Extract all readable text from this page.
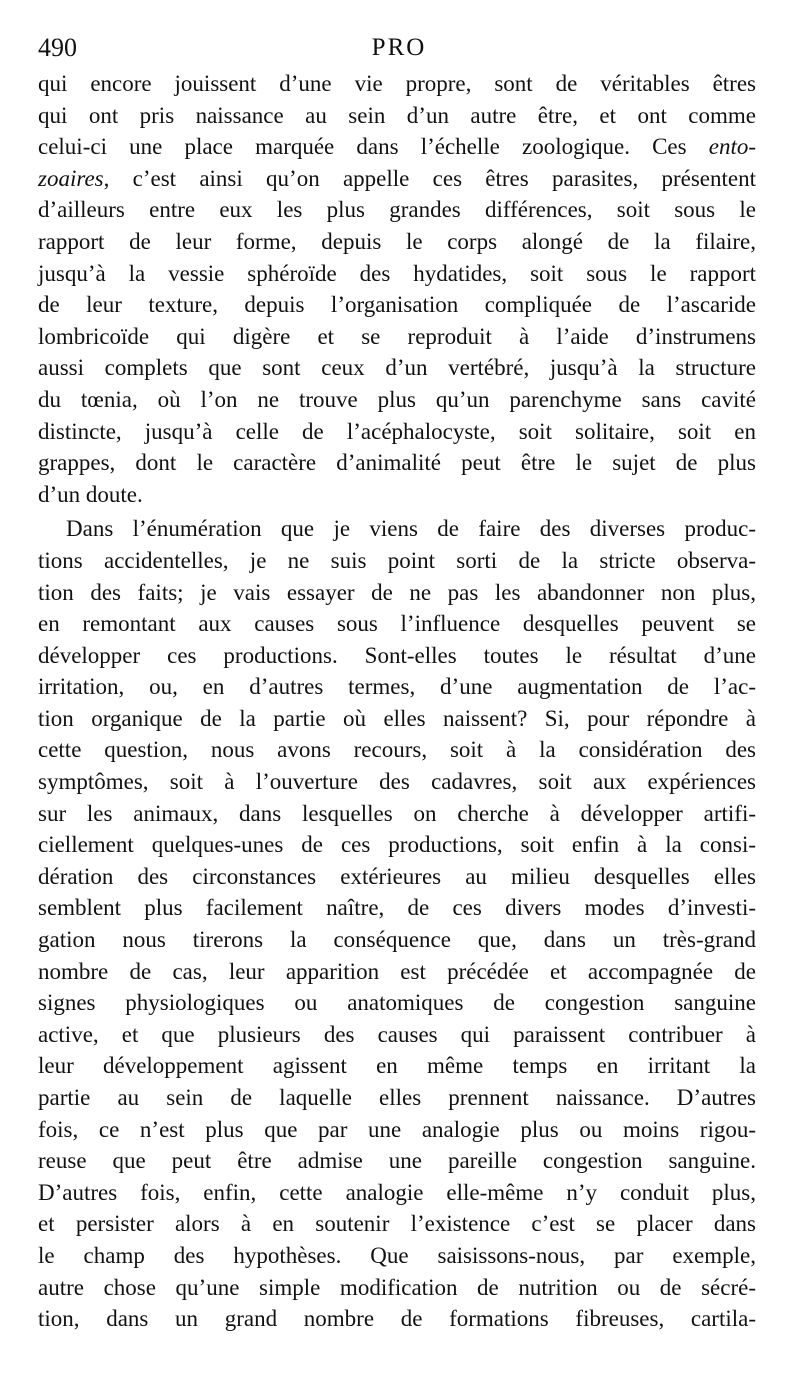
490	PRO
qui encore jouissent d’une vie propre, sont de véritables êtres
qui ont pris naissance au sein d’un autre être, et ont comme
celui-ci une place marquée dans l’échelle zoologique. Ces ento-
zoaires, c’est ainsi qu’on appelle ces êtres parasites, présentent
d’ailleurs entre eux les plus grandes différences, soit sous le
rapport de leur forme, depuis le corps alongé de la filaire,
jusqu’à la vessie sphéroïde des hydatides, soit sous le rapport
de leur texture, depuis l’organisation compliquée de l’ascaride
lombricoïde qui digère et se reproduit à l’aide d’instrumens
aussi complets que sont ceux d’un vertébré, jusqu’à la structure
du tœnia, où l’on ne trouve plus qu’un parenchyme sans cavité
distincte, jusqu’à celle de l’acéphalocyste, soit solitaire, soit en
grappes, dont le caractère d’animalité peut être le sujet de plus
d’un doute.
Dans l’énumération que je viens de faire des diverses produc-
tions accidentelles, je ne suis point sorti de la stricte observa-
tion des faits; je vais essayer de ne pas les abandonner non plus,
en remontant aux causes sous l’influence desquelles peuvent se
développer ces productions. Sont-elles toutes le résultat d’une
irritation, ou, en d’autres termes, d’une augmentation de l’ac-
tion organique de la partie où elles naissent? Si, pour répondre à
cette question, nous avons recours, soit à la considération des
symptômes, soit à l’ouverture des cadavres, soit aux expériences
sur les animaux, dans lesquelles on cherche à développer artifi-
ciellement quelques-unes de ces productions, soit enfin à la consi-
dération des circonstances extérieures au milieu desquelles elles
semblent plus facilement naître, de ces divers modes d’investi-
gation nous tirerons la conséquence que, dans un très-grand
nombre de cas, leur apparition est précédée et accompagnée de
signes physiologiques ou anatomiques de congestion sanguine
active, et que plusieurs des causes qui paraissent contribuer à
leur développement agissent en même temps en irritant la
partie au sein de laquelle elles prennent naissance. D’autres
fois, ce n’est plus que par une analogie plus ou moins rigou-
reuse que peut être admise une pareille congestion sanguine.
D’autres fois, enfin, cette analogie elle-même n’y conduit plus,
et persister alors à en soutenir l’existence c’est se placer dans
le champ des hypothèses. Que saisissons-nous, par exemple,
autre chose qu’une simple modification de nutrition ou de sécré-
tion, dans un grand nombre de formations fibreuses, cartila-
